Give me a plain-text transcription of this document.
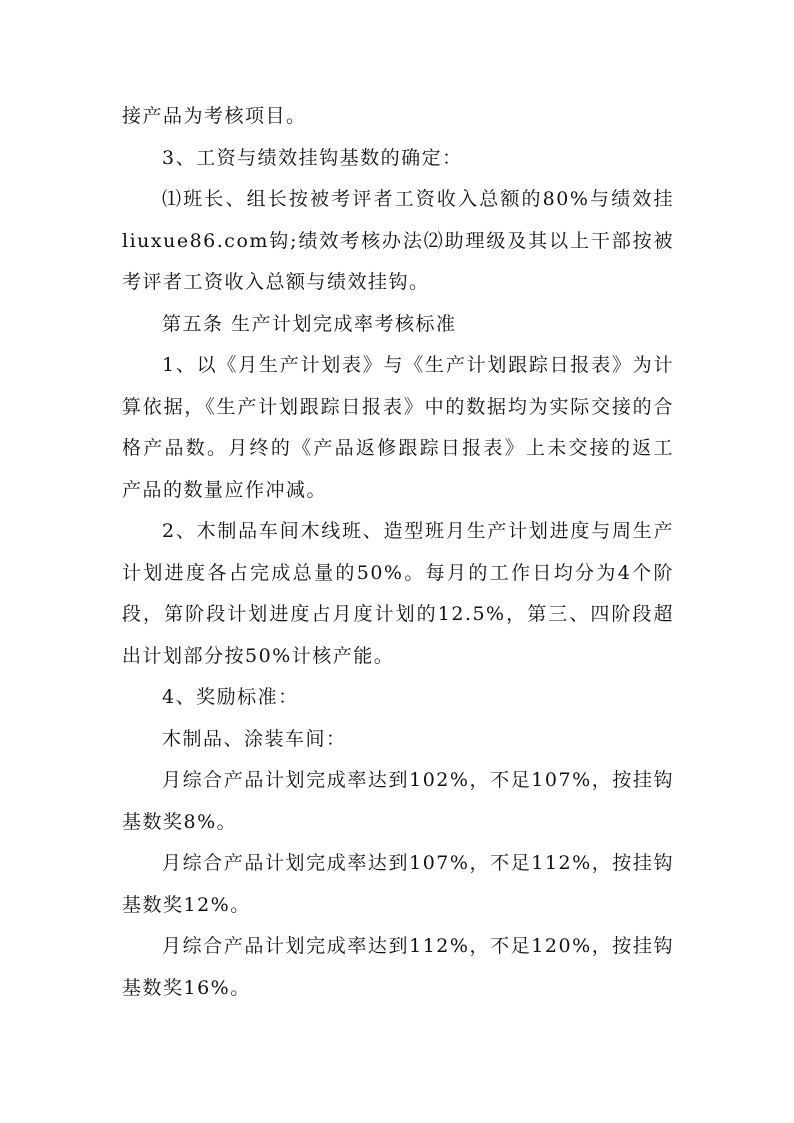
接产品为考核项目。

3、工资与绩效挂钩基数的确定：

⑴班长、组长按被考评者工资收入总额的80%与绩效挂liuxue86.com钩;绩效考核办法⑵助理级及其以上干部按被考评者工资收入总额与绩效挂钩。

第五条 生产计划完成率考核标准

1、以《月生产计划表》与《生产计划跟踪日报表》为计算依据，《生产计划跟踪日报表》中的数据均为实际交接的合格产品数。月终的《产品返修跟踪日报表》上未交接的返工产品的数量应作冲减。

2、木制品车间木线班、造型班月生产计划进度与周生产计划进度各占完成总量的50%。每月的工作日均分为4个阶段，第阶段计划进度占月度计划的12.5%，第三、四阶段超出计划部分按50%计核产能。

4、奖励标准：

木制品、涂装车间：

月综合产品计划完成率达到102%，不足107%，按挂钩基数奖8%。

月综合产品计划完成率达到107%，不足112%，按挂钩基数奖12%。

月综合产品计划完成率达到112%，不足120%，按挂钩基数奖16%。
